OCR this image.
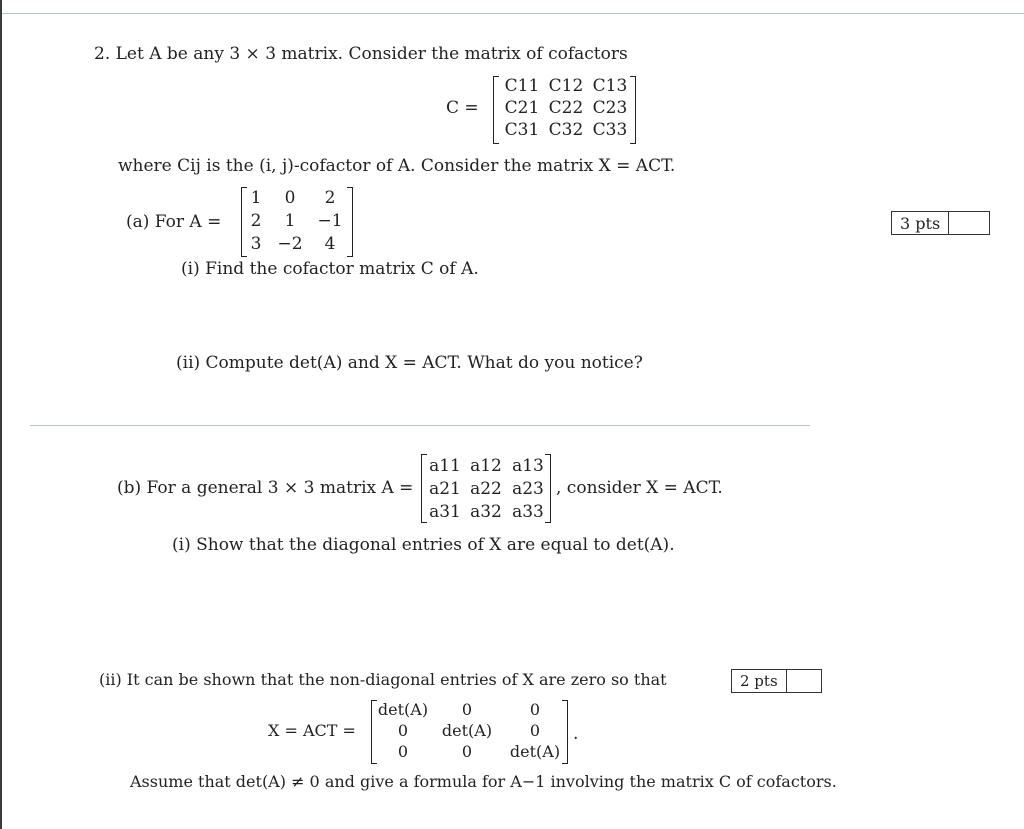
2. Let A be any 3 × 3 matrix. Consider the matrix of cofactors
C =
C11 C12 C13
C21 C22 C23
C31 C32 C33
where Cij is the (i, j)-cofactor of A. Consider the matrix X = ACT.
(a) For A =
1	0	2
2	1	−1
3 −2	4
3 pts
(i) Find the cofactor matrix C of A.
(ii) Compute det(A) and X = ACT. What do you notice?
(b) For a general 3 × 3 matrix A =
a11 a12 a13
a21 a22 a23
a31 a32 a33
, consider X = ACT.
(i) Show that the diagonal entries of X are equal to det(A).
(ii) It can be shown that the non-diagonal entries of X are zero so that	2 pts
X = ACT =
det(A)	0	0
0	det(A)	0
0	0	det(A)
.
Assume that det(A) ≠ 0 and give a formula for A−1 involving the matrix C of cofactors.
